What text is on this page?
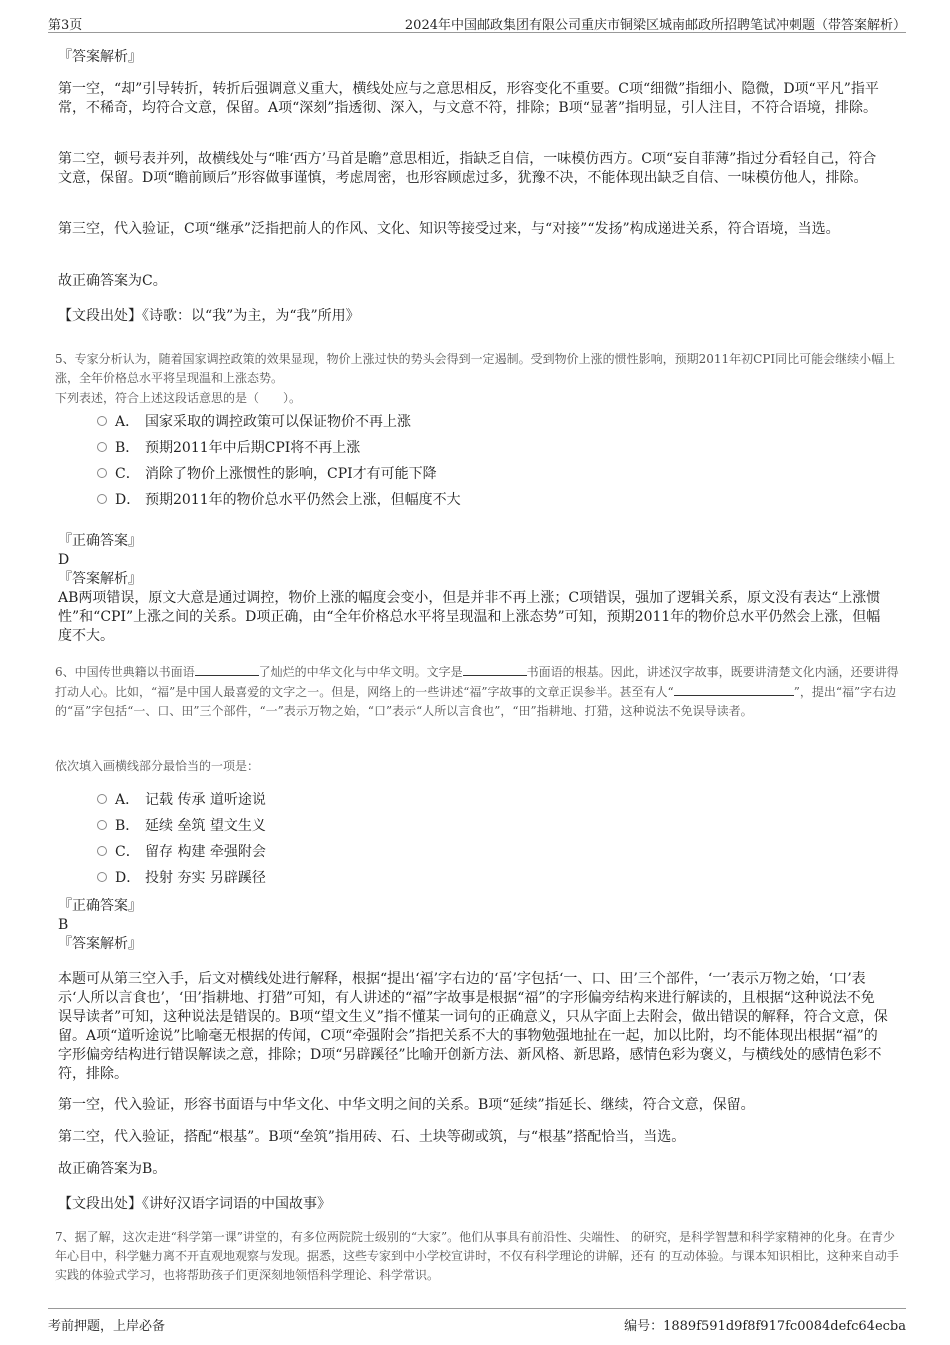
第3页	2024年中国邮政集团有限公司重庆市铜梁区城南邮政所招聘笔试冲刺题（带答案解析）

『答案解析』

第一空，“却”引导转折，转折后强调意义重大，横线处应与之意思相反，形容变化不重要。C项“细微”指细小、隐微，D项“平凡”指平常，不稀奇，均符合文意，保留。A项“深刻”指透彻、深入，与文意不符，排除；B项“显著”指明显，引人注目，不符合语境，排除。

第二空，顿号表并列，故横线处与“唯‘西方’马首是瞻”意思相近，指缺乏自信，一味模仿西方。C项“妄自菲薄”指过分看轻自己，符合文意，保留。D项“瞻前顾后”形容做事谨慎，考虑周密，也形容顾虑过多，犹豫不决，不能体现出缺乏自信、一味模仿他人，排除。

第三空，代入验证，C项“继承”泛指把前人的作风、文化、知识等接受过来，与“对接”“发扬”构成递进关系，符合语境，当选。

故正确答案为C。

【文段出处】《诗歌：以“我”为主，为“我”所用》

5、专家分析认为，随着国家调控政策的效果显现，物价上涨过快的势头会得到一定遏制。受到物价上涨的惯性影响，预期2011年初CPI同比可能会继续小幅上涨，全年价格总水平将呈现温和上涨态势。

下列表述，符合上述这段话意思的是（　　）。

A． 国家采取的调控政策可以保证物价不再上涨
B． 预期2011年中后期CPI将不再上涨
C． 消除了物价上涨惯性的影响，CPI才有可能下降
D． 预期2011年的物价总水平仍然会上涨，但幅度不大

『正确答案』

D

『答案解析』

AB两项错误，原文大意是通过调控，物价上涨的幅度会变小，但是并非不再上涨；C项错误，强加了逻辑关系，原文没有表达“上涨惯性”和“CPI”上涨之间的关系。D项正确，由“全年价格总水平将呈现温和上涨态势”可知，预期2011年的物价总水平仍然会上涨，但幅度不大。

6、中国传世典籍以书面语	了灿烂的中华文化与中华文明。文字是	书面语的根基。因此，讲述汉字故事，既要讲清楚文化内涵，还要讲得打动人心。比如，“福”是中国人最喜爱的文字之一。但是，网络上的一些讲述“福”字故事的文章正误参半。甚至有人“	”，提出“福”字右边的“畐”字包括“一、口、田”三个部件，“一”表示万物之始，“口”表示“人所以言食也”，“田”指耕地、打猎，这种说法不免误导读者。

依次填入画横线部分最恰当的一项是：

A． 记载 传承 道听途说
B． 延续 垒筑 望文生义
C． 留存 构建 牵强附会
D． 投射 夯实 另辟蹊径

『正确答案』

B

『答案解析』

本题可从第三空入手，后文对横线处进行解释，根据“提出‘福’字右边的‘畐’字包括‘一、口、田’三个部件，‘一’表示万物之始，‘口’表示‘人所以言食也’，‘田’指耕地、打猎”可知，有人讲述的“福”字故事是根据“福”的字形偏旁结构来进行解读的，且根据“这种说法不免误导读者”可知，这种说法是错误的。B项“望文生义”指不懂某一词句的正确意义，只从字面上去附会，做出错误的解释，符合文意，保留。A项“道听途说”比喻毫无根据的传闻，C项“牵强附会”指把关系不大的事物勉强地扯在一起，加以比附，均不能体现出根据“福”的字形偏旁结构进行错误解读之意，排除；D项“另辟蹊径”比喻开创新方法、新风格、新思路，感情色彩为褒义，与横线处的感情色彩不符，排除。

第一空，代入验证，形容书面语与中华文化、中华文明之间的关系。B项“延续”指延长、继续，符合文意，保留。

第二空，代入验证，搭配“根基”。B项“垒筑”指用砖、石、土块等砌或筑，与“根基”搭配恰当，当选。

故正确答案为B。

【文段出处】《讲好汉语字词语的中国故事》

7、据了解，这次走进“科学第一课”讲堂的，有多位两院院士级别的“大家”。他们从事具有前沿性、尖端性、 的研究，是科学智慧和科学家精神的化身。在青少年心目中，科学魅力离不开直观地观察与发现。据悉，这些专家到中小学校宣讲时，不仅有科学理论的讲解，还有 的互动体验。与课本知识相比，这种来自动手实践的体验式学习，也将帮助孩子们更深刻地领悟科学理论、科学常识。

考前押题，上岸必备	编号：1889f591d9f8f917fc0084defc64ecba
